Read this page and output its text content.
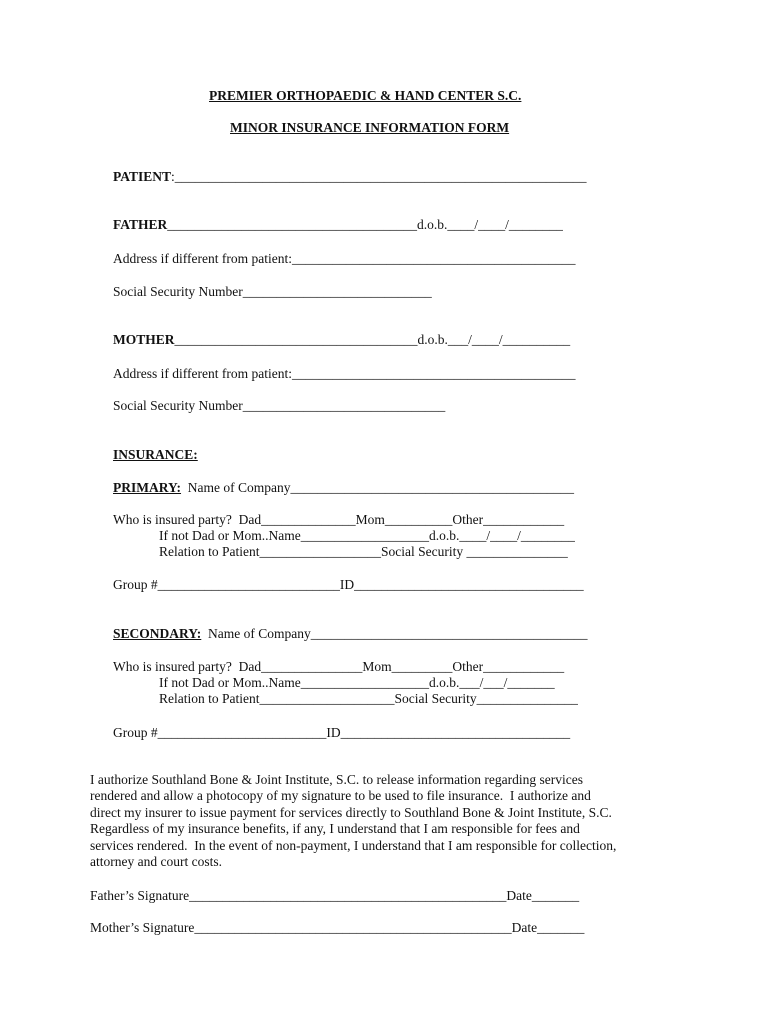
PREMIER ORTHOPAEDIC & HAND CENTER S.C.
MINOR INSURANCE INFORMATION FORM
PATIENT:_____________________________________________________________
FATHER_____________________________________d.o.b.____/____/________
Address if different from patient:__________________________________________
Social Security Number____________________________
MOTHER____________________________________d.o.b.___/____/__________
Address if different from patient:__________________________________________
Social Security Number______________________________
INSURANCE:
PRIMARY:  Name of Company__________________________________________
Who is insured party?  Dad______________Mom__________Other____________
If not Dad or Mom..Name___________________d.o.b.____/____/________
Relation to Patient__________________Social Security _______________
Group #___________________________ID__________________________________
SECONDARY:  Name of Company_________________________________________
Who is insured party?  Dad_______________Mom_________Other____________
If not Dad or Mom..Name___________________d.o.b.___/___/_______
Relation to Patient____________________Social Security_______________
Group #_________________________ID__________________________________
I authorize Southland Bone & Joint Institute, S.C. to release information regarding services
rendered and allow a photocopy of my signature to be used to file insurance.  I authorize and
direct my insurer to issue payment for services directly to Southland Bone & Joint Institute, S.C.
Regardless of my insurance benefits, if any, I understand that I am responsible for fees and
services rendered.  In the event of non-payment, I understand that I am responsible for collection,
attorney and court costs.
Father’s Signature_______________________________________________Date_______
Mother’s Signature_______________________________________________Date_______
